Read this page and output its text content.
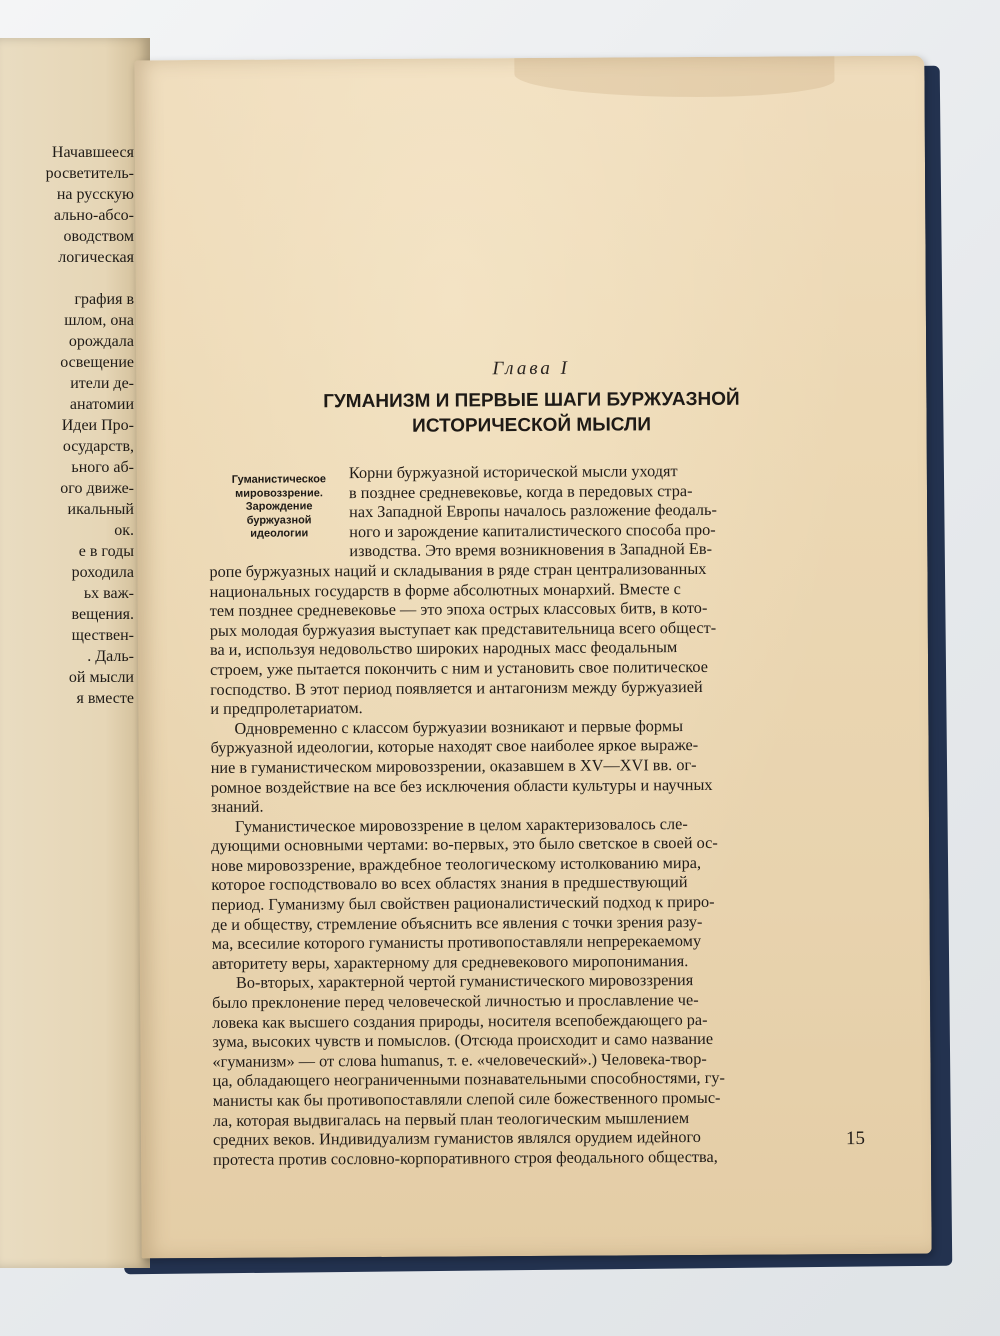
Начавшееся
росветитель-
на русскую
ально-абсо-
оводством
логическая
графия в
шлом, она
орождала
освещение
ители де-
анатомии
Идеи Про-
осударств,
ьного аб-
ого движе-
икальный
ок.
е в годы
роходила
ьх важ-
вещения.
ществен-
. Даль-
ой мысли
я вместе
Глава I
ГУМАНИЗМ И ПЕРВЫЕ ШАГИ БУРЖУАЗНОЙ
ИСТОРИЧЕСКОЙ МЫСЛИ
Гуманистическое
мировоззрение.
Зарождение
буржуазной
идеологии
Корни буржуазной исторической мысли уходят
в позднее средневековье, когда в передовых стра-
нах Западной Европы началось разложение феодаль-
ного и зарождение капиталистического способа про-
изводства. Это время возникновения в Западной Ев-
ропе буржуазных наций и складывания в ряде стран централизованных
национальных государств в форме абсолютных монархий. Вместе с
тем позднее средневековье — это эпоха острых классовых битв, в кото-
рых молодая буржуазия выступает как представительница всего общест-
ва и, используя недовольство широких народных масс феодальным
строем, уже пытается покончить с ним и установить свое политическое
господство. В этот период появляется и антагонизм между буржуазией
и предпролетариатом.
Одновременно с классом буржуазии возникают и первые формы
буржуазной идеологии, которые находят свое наиболее яркое выраже-
ние в гуманистическом мировоззрении, оказавшем в XV—XVI вв. ог-
ромное воздействие на все без исключения области культуры и научных
знаний.
Гуманистическое мировоззрение в целом характеризовалось сле-
дующими основными чертами: во-первых, это было светское в своей ос-
нове мировоззрение, враждебное теологическому истолкованию мира,
которое господствовало во всех областях знания в предшествующий
период. Гуманизму был свойствен рационалистический подход к приро-
де и обществу, стремление объяснить все явления с точки зрения разу-
ма, всесилие которого гуманисты противопоставляли непререкаемому
авторитету веры, характерному для средневекового миропонимания.
Во-вторых, характерной чертой гуманистического мировоззрения
было преклонение перед человеческой личностью и прославление че-
ловека как высшего создания природы, носителя всепобеждающего ра-
зума, высоких чувств и помыслов. (Отсюда происходит и само название
«гуманизм» — от слова humanus, т. е. «человеческий».) Человека-твор-
ца, обладающего неограниченными познавательными способностями, гу-
манисты как бы противопоставляли слепой силе божественного промыс-
ла, которая выдвигалась на первый план теологическим мышлением
средних веков. Индивидуализм гуманистов являлся орудием идейного
протеста против сословно-корпоративного строя феодального общества,
15
